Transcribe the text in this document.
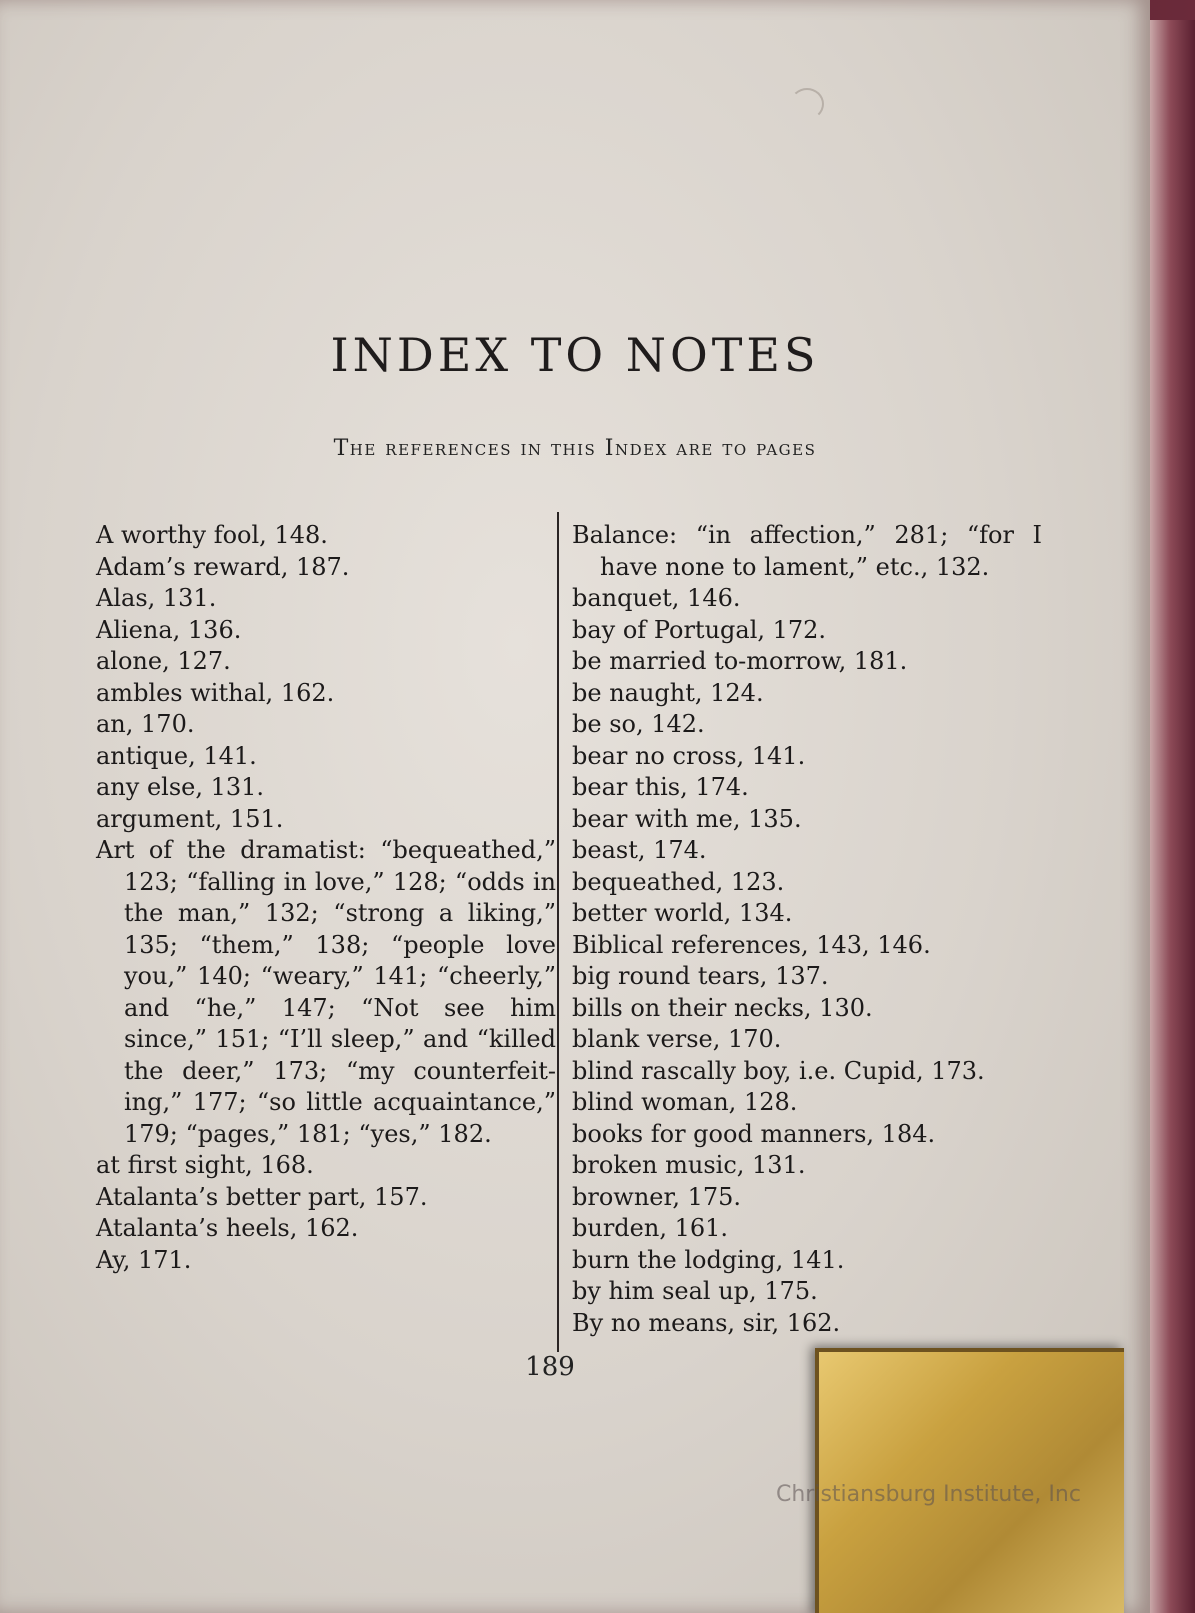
INDEX TO NOTES

The references in this Index are to pages

A worthy fool, 148.

Adam’s reward, 187.

Alas, 131.

Aliena, 136.

alone, 127.

ambles withal, 162.

an, 170.

antique, 141.

any else, 131.

argument, 151.

Art of the dramatist: “bequeathed,” 123; “falling in love,” 128; “odds in the man,” 132; “strong a liking,” 135; “them,” 138; “people love you,” 140; “weary,” 141; “cheerly,” and “he,” 147; “Not see him since,” 151; “I’ll sleep,” and “killed the deer,” 173; “my counterfeiting,” 177; “so little acquaintance,” 179; “pages,” 181; “yes,” 182.

at first sight, 168.

Atalanta’s better part, 157.

Atalanta’s heels, 162.

Ay, 171.

Balance: “in affection,” 281; “for I have none to lament,” etc., 132.

banquet, 146.

bay of Portugal, 172.

be married to-morrow, 181.

be naught, 124.

be so, 142.

bear no cross, 141.

bear this, 174.

bear with me, 135.

beast, 174.

bequeathed, 123.

better world, 134.

Biblical references, 143, 146.

big round tears, 137.

bills on their necks, 130.

blank verse, 170.

blind rascally boy, i.e. Cupid, 173.

blind woman, 128.

books for good manners, 184.

broken music, 131.

browner, 175.

burden, 161.

burn the lodging, 141.

by him seal up, 175.

By no means, sir, 162.

189
Christiansburg Institute, Inc
